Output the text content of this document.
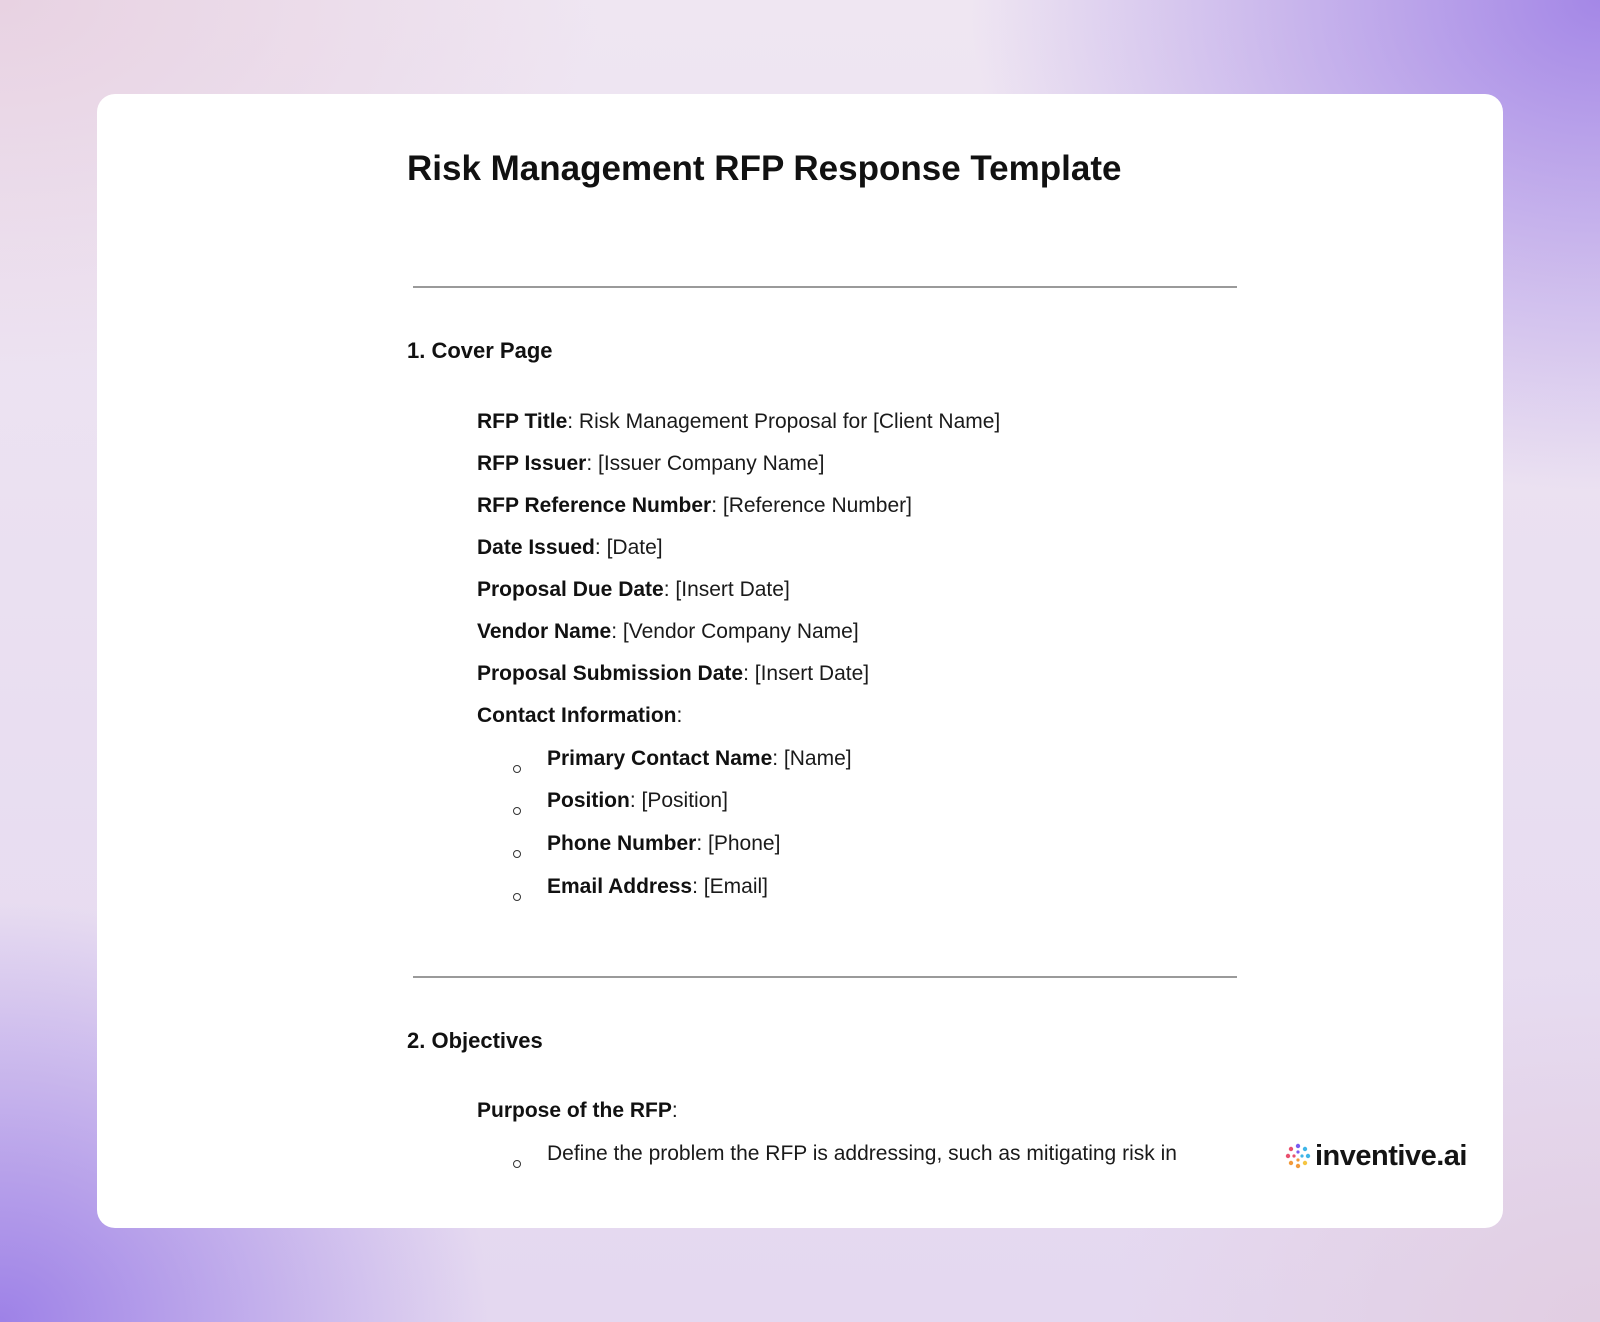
Risk Management RFP Response Template
1. Cover Page
RFP Title: Risk Management Proposal for [Client Name]
RFP Issuer: [Issuer Company Name]
RFP Reference Number: [Reference Number]
Date Issued: [Date]
Proposal Due Date: [Insert Date]
Vendor Name: [Vendor Company Name]
Proposal Submission Date: [Insert Date]
Contact Information:
Primary Contact Name: [Name]
Position: [Position]
Phone Number: [Phone]
Email Address: [Email]
2. Objectives
Purpose of the RFP:
Define the problem the RFP is addressing, such as mitigating risk in	inventive.ai
